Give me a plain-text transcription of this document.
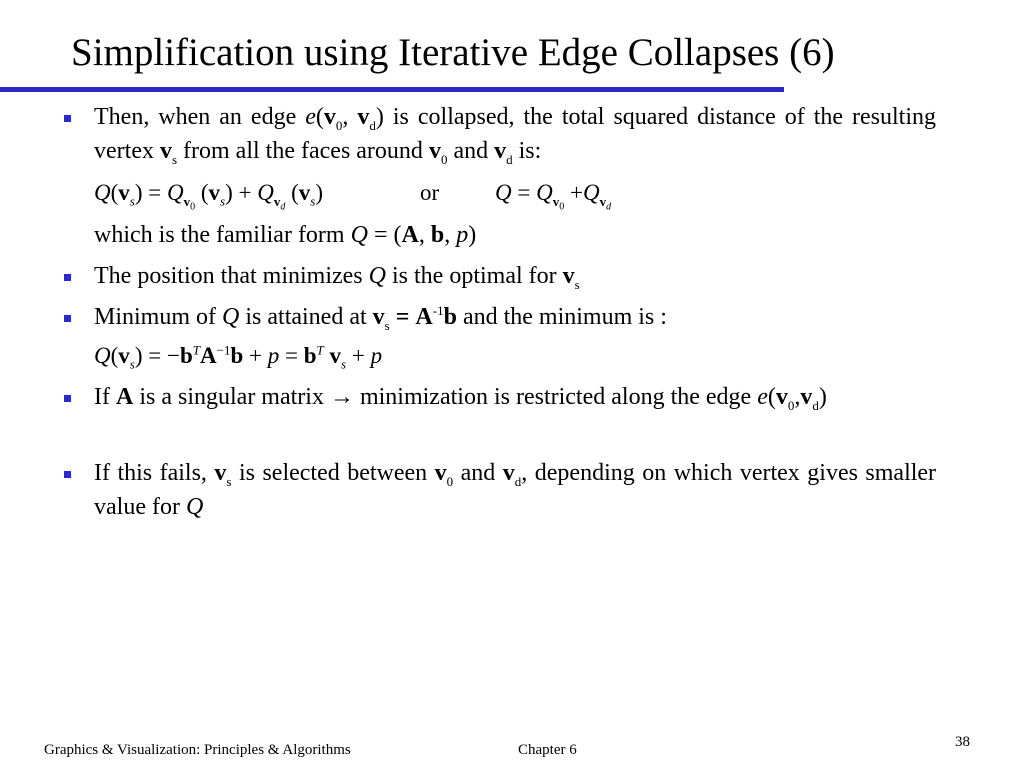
Simplification using Iterative Edge Collapses (6)
Then, when an edge $e(v_0$, $v_d$) is collapsed, the total squared distance of the resulting vertex $v_s$ from all the faces around $v_0$ and $v_d$ is:
$Q(v_s) = Q_{v_0}$ $(v_s) + Q_{v_d}$ $(v_s)$	or $Q = Q_{v_0} +Q_{v_d}$
which is the familiar form Q = (A, b, p)
The position that minimizes Q is the optimal for $v_s$
Minimum of Q is attained at $v_s = A^{-1}b$ and the minimum is :
$Q(v_s) = -b^TA^{-1}b + p = b^T$ $v_s + p$
If A is a singular matrix → minimization is restricted along the edge $e(v_0,v_d)$
If this fails, $v_s$ is selected between $v_0$ and $v_d$, depending on which vertex gives smaller value for Q
Graphics & Visualization: Principles & Algorithms	Chapter 6	38
